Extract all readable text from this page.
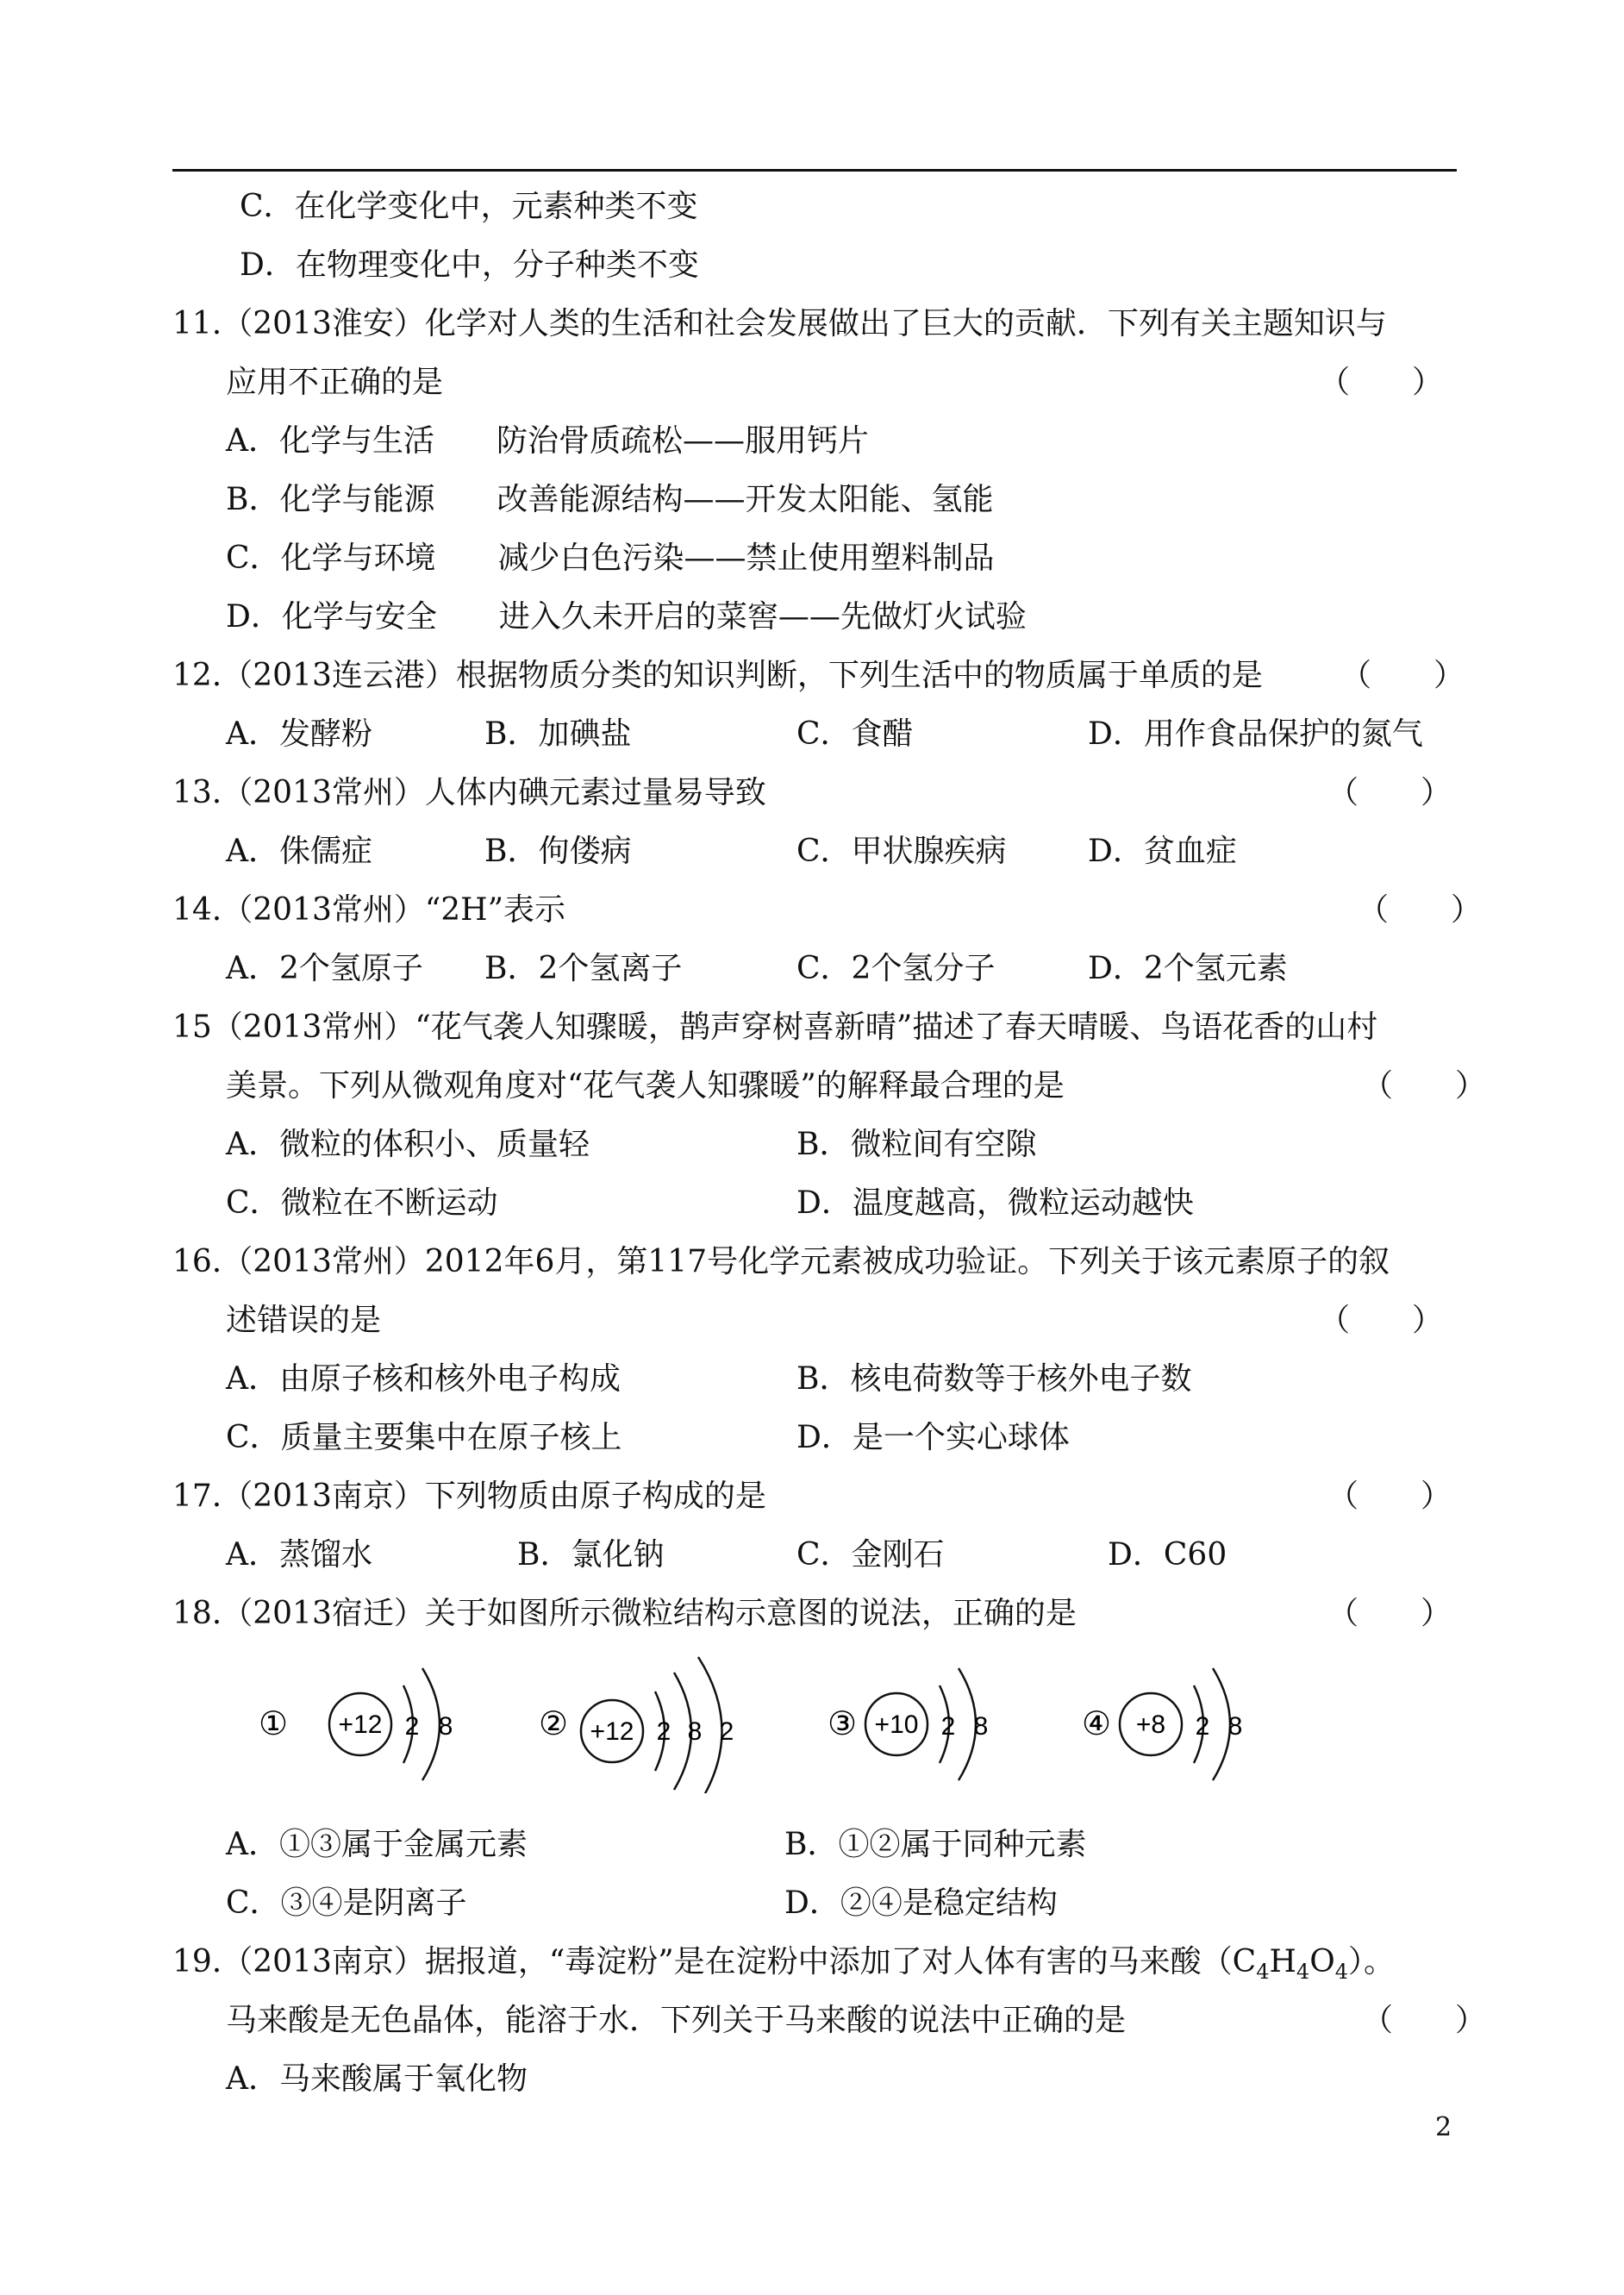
C．在化学变化中，元素种类不变
D．在物理变化中，分子种类不变
11.（2013淮安）化学对人类的生活和社会发展做出了巨大的贡献．下列有关主题知识与
应用不正确的是	（　　）
A．化学与生活　　防治骨质疏松——服用钙片
B．化学与能源　　改善能源结构——开发太阳能、氢能
C．化学与环境　　减少白色污染——禁止使用塑料制品
D．化学与安全　　进入久未开启的菜窖——先做灯火试验
12.（2013连云港）根据物质分类的知识判断，下列生活中的物质属于单质的是	（　　）
A．发酵粉	B．加碘盐	C．食醋	D．用作食品保护的氮气
13.（2013常州）人体内碘元素过量易导致	（　　）
A．侏儒症	B．佝偻病	C．甲状腺疾病	D．贫血症
14.（2013常州）“2H”表示	（　　）
A．2个氢原子 B．2个氢离子	C．2个氢分子	D．2个氢元素
15（2013常州）“花气袭人知骤暖，鹊声穿树喜新晴”描述了春天晴暖、鸟语花香的山村
美景。下列从微观角度对“花气袭人知骤暖”的解释最合理的是	（　　）
A．微粒的体积小、质量轻	B．微粒间有空隙
C．微粒在不断运动	D．温度越高，微粒运动越快
16.（2013常州）2012年6月，第117号化学元素被成功验证。下列关于该元素原子的叙
述错误的是	（　　）
A．由原子核和核外电子构成	B．核电荷数等于核外电子数
C．质量主要集中在原子核上	D．是一个实心球体
17.（2013南京）下列物质由原子构成的是	（　　）
A．蒸馏水	B．氯化钠	C．金刚石	D．C60
18.（2013宿迁）关于如图所示微粒结构示意图的说法，正确的是	（　　）
① +12 2 8	② +12 2 8 2	③ +10 2 8	④ +8 2 8
A．①③属于金属元素	B．①②属于同种元素
C．③④是阴离子	D．②④是稳定结构
19.（2013南京）据报道，“毒淀粉”是在淀粉中添加了对人体有害的马来酸$(C_4H_4O_4)$。
马来酸是无色晶体，能溶于水．下列关于马来酸的说法中正确的是	（　　）
A．马来酸属于氧化物
2
